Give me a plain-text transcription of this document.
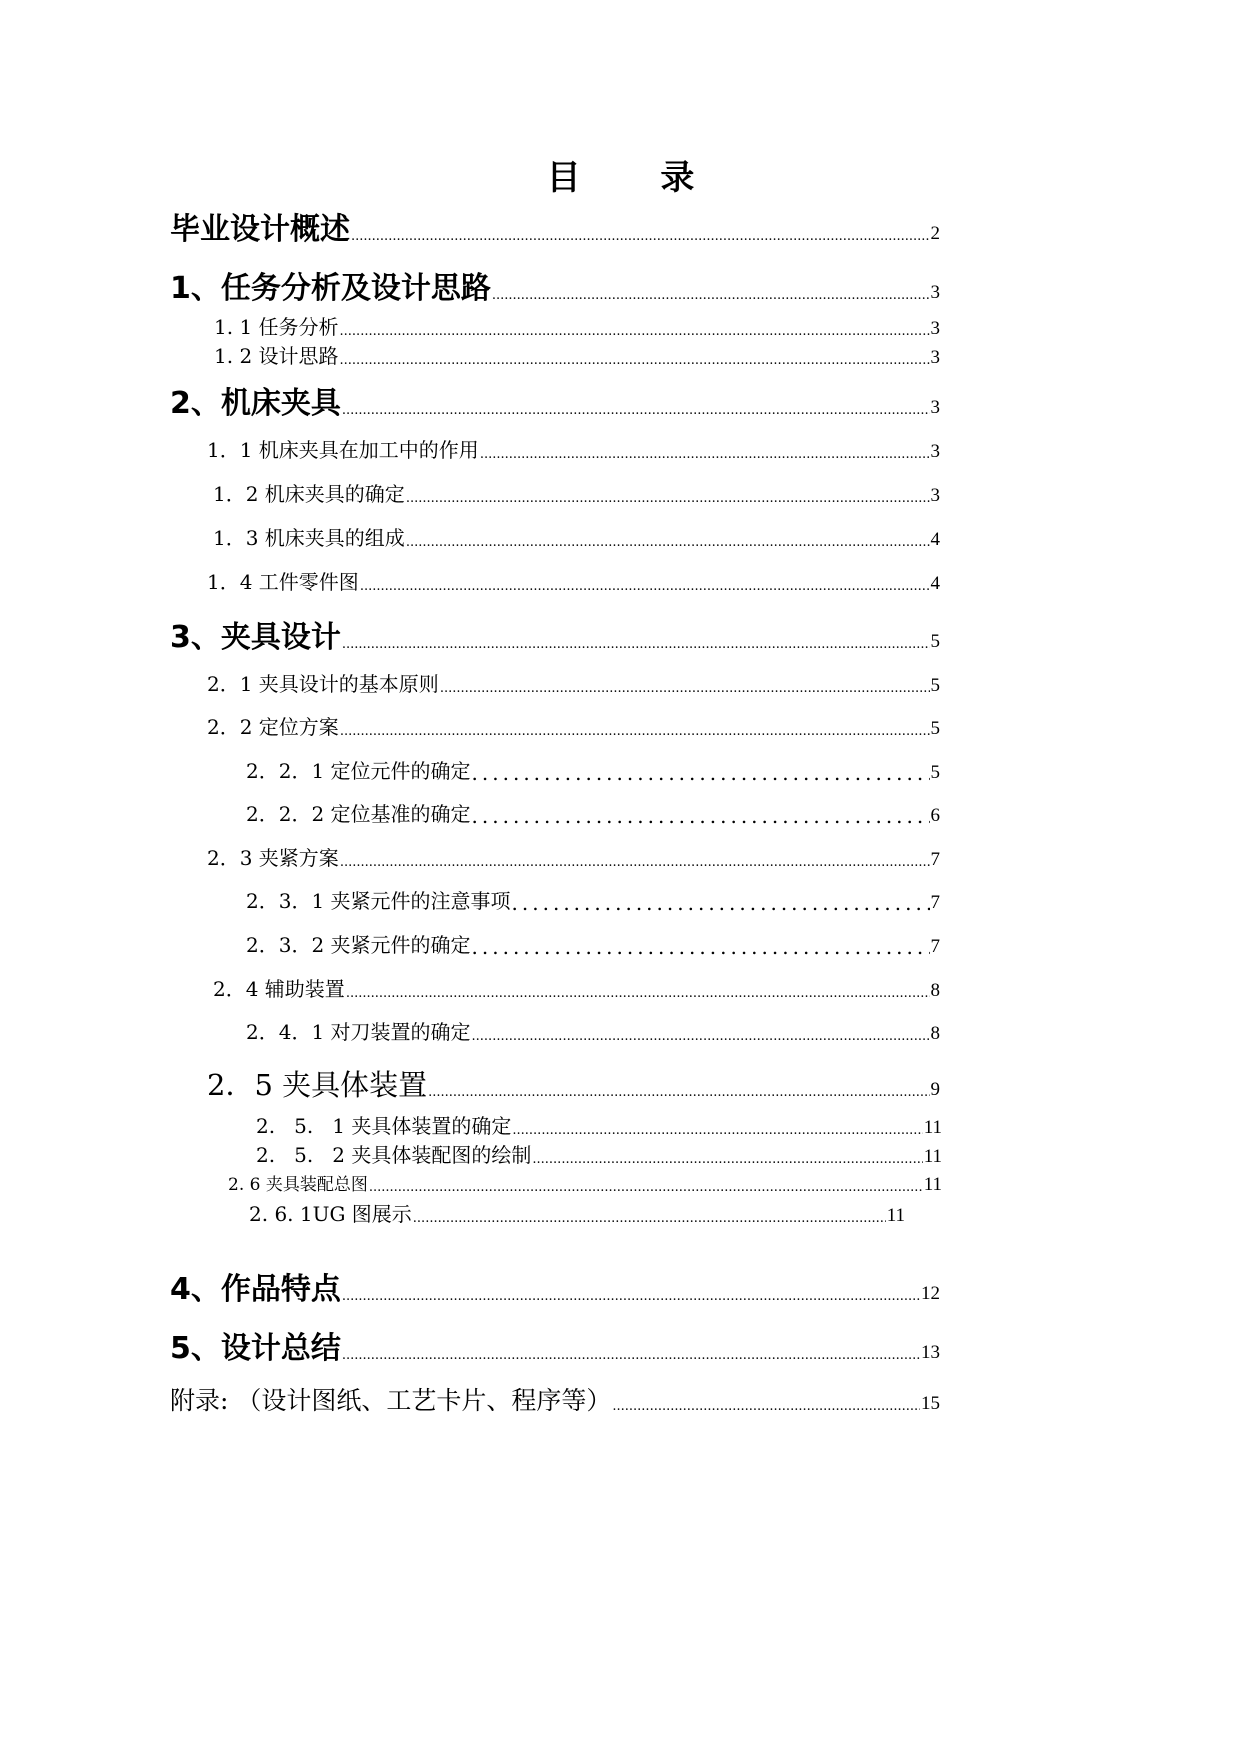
目 录
毕业设计概述 .....	2
1、任务分析及设计思路 .....	3
1. 1 任务分析 .....	3
1. 2 设计思路 .....	3
2、机床夹具 .....	3
1．1 机床夹具在加工中的作用 .....	3
1．2 机床夹具的确定 .....	3
1．3 机床夹具的组成 .....	4
1．4 工件零件图 .....	4
3、夹具设计 .....	5
2．1 夹具设计的基本原则 .....	5
2．2 定位方案 .....	5
2．2．1 定位元件的确定 .....	5
2．2．2 定位基准的确定 .....	6
2．3 夹紧方案 .....	7
2．3．1 夹紧元件的注意事项 .....	7
2．3．2 夹紧元件的确定 .....	7
2．4 辅助装置 .....	8
2．4．1 对刀装置的确定 .....	8
2．5 夹具体装置 .....	9
2.   5.   1 夹具体装置的确定 .....	11
2.   5.   2 夹具体装配图的绘制 .....	11
2. 6 夹具装配总图 .....	11
2. 6. 1UG 图展示 .....	11
4、作品特点 .....	12
5、设计总结 .....	13
附录: （设计图纸、工艺卡片、程序等） .....	15
